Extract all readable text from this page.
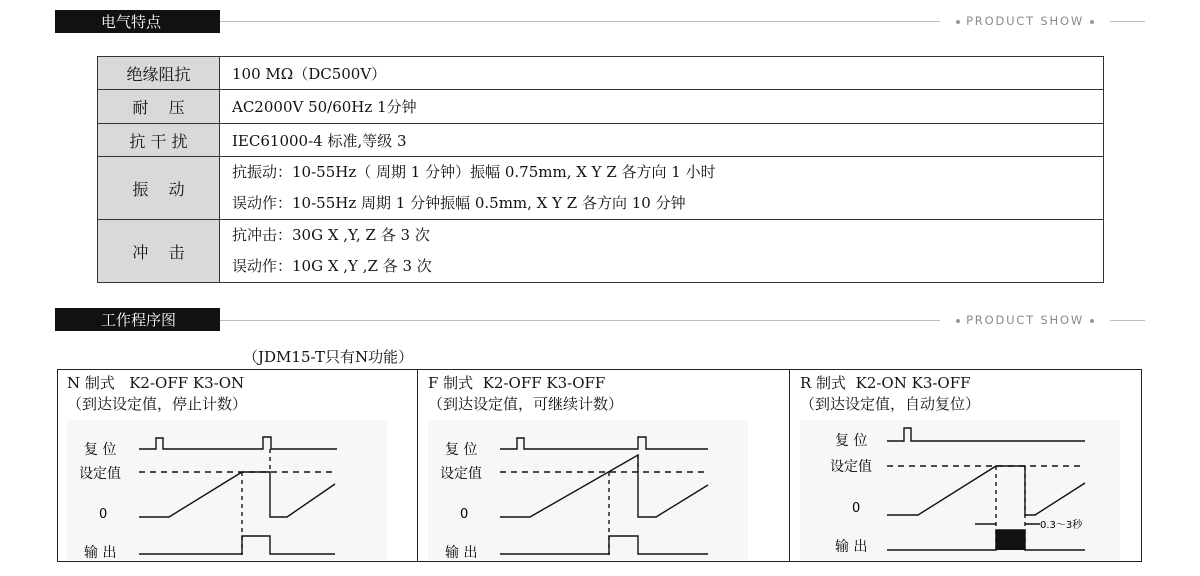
电气特点	PRODUCT SHOW
绝缘阻抗	100 MΩ（DC500V）
耐    压	AC2000V 50/60Hz 1分钟
抗 干 扰	IEC61000-4 标准,等级 3
振    动	抗振动：10-55Hz（ 周期 1 分钟）振幅 0.75mm, X Y Z 各方向 1 小时
误动作：10-55Hz 周期 1 分钟振幅 0.5mm, X Y Z 各方向 10 分钟

冲    击	抗冲击：30G X ,Y, Z 各 3 次
误动作：10G X ,Y ,Z 各 3 次
工作程序图	PRODUCT SHOW
（JDM15-T只有N功能）
N 制式   K2-OFF K3-ON
（到达设定值，停止计数）
复 位
设定值
0
输 出
F 制式  K2-OFF K3-OFF
（到达设定值，可继续计数）
复 位
设定值
0
输 出
R 制式  K2-ON K3-OFF
（到达设定值，自动复位）
复 位
设定值
0
输 出
0.3～3秒
